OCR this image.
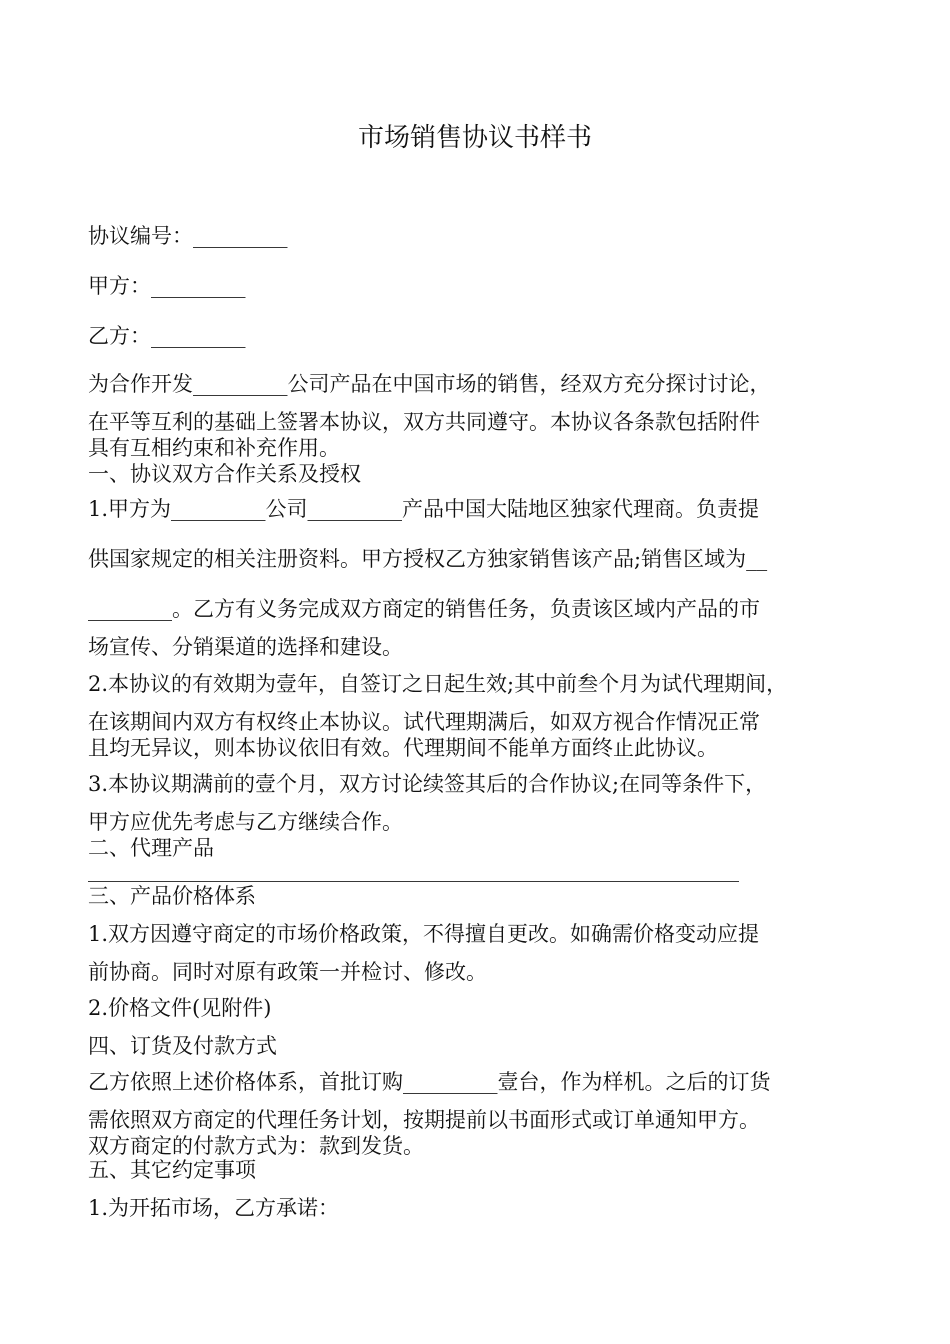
市场销售协议书样书

协议编号：_________

甲方：_________

乙方：_________

为合作开发_________公司产品在中国市场的销售，经双方充分探讨讨论，

在平等互利的基础上签署本协议，双方共同遵守。本协议各条款包括附件

具有互相约束和补充作用。

一、协议双方合作关系及授权

1.甲方为_________公司_________产品中国大陆地区独家代理商。负责提

供国家规定的相关注册资料。甲方授权乙方独家销售该产品;销售区域为__

________。乙方有义务完成双方商定的销售任务，负责该区域内产品的市

场宣传、分销渠道的选择和建设。

2.本协议的有效期为壹年，自签订之日起生效;其中前叁个月为试代理期间，

在该期间内双方有权终止本协议。试代理期满后，如双方视合作情况正常

且均无异议，则本协议依旧有效。代理期间不能单方面终止此协议。

3.本协议期满前的壹个月，双方讨论续签其后的合作协议;在同等条件下，

甲方应优先考虑与乙方继续合作。

二、代理产品

______________________________________________________________

三、产品价格体系

1.双方因遵守商定的市场价格政策，不得擅自更改。如确需价格变动应提

前协商。同时对原有政策一并检讨、修改。

2.价格文件(见附件)

四、订货及付款方式

乙方依照上述价格体系，首批订购_________壹台，作为样机。之后的订货

需依照双方商定的代理任务计划，按期提前以书面形式或订单通知甲方。

双方商定的付款方式为：款到发货。

五、其它约定事项

1.为开拓市场，乙方承诺：
